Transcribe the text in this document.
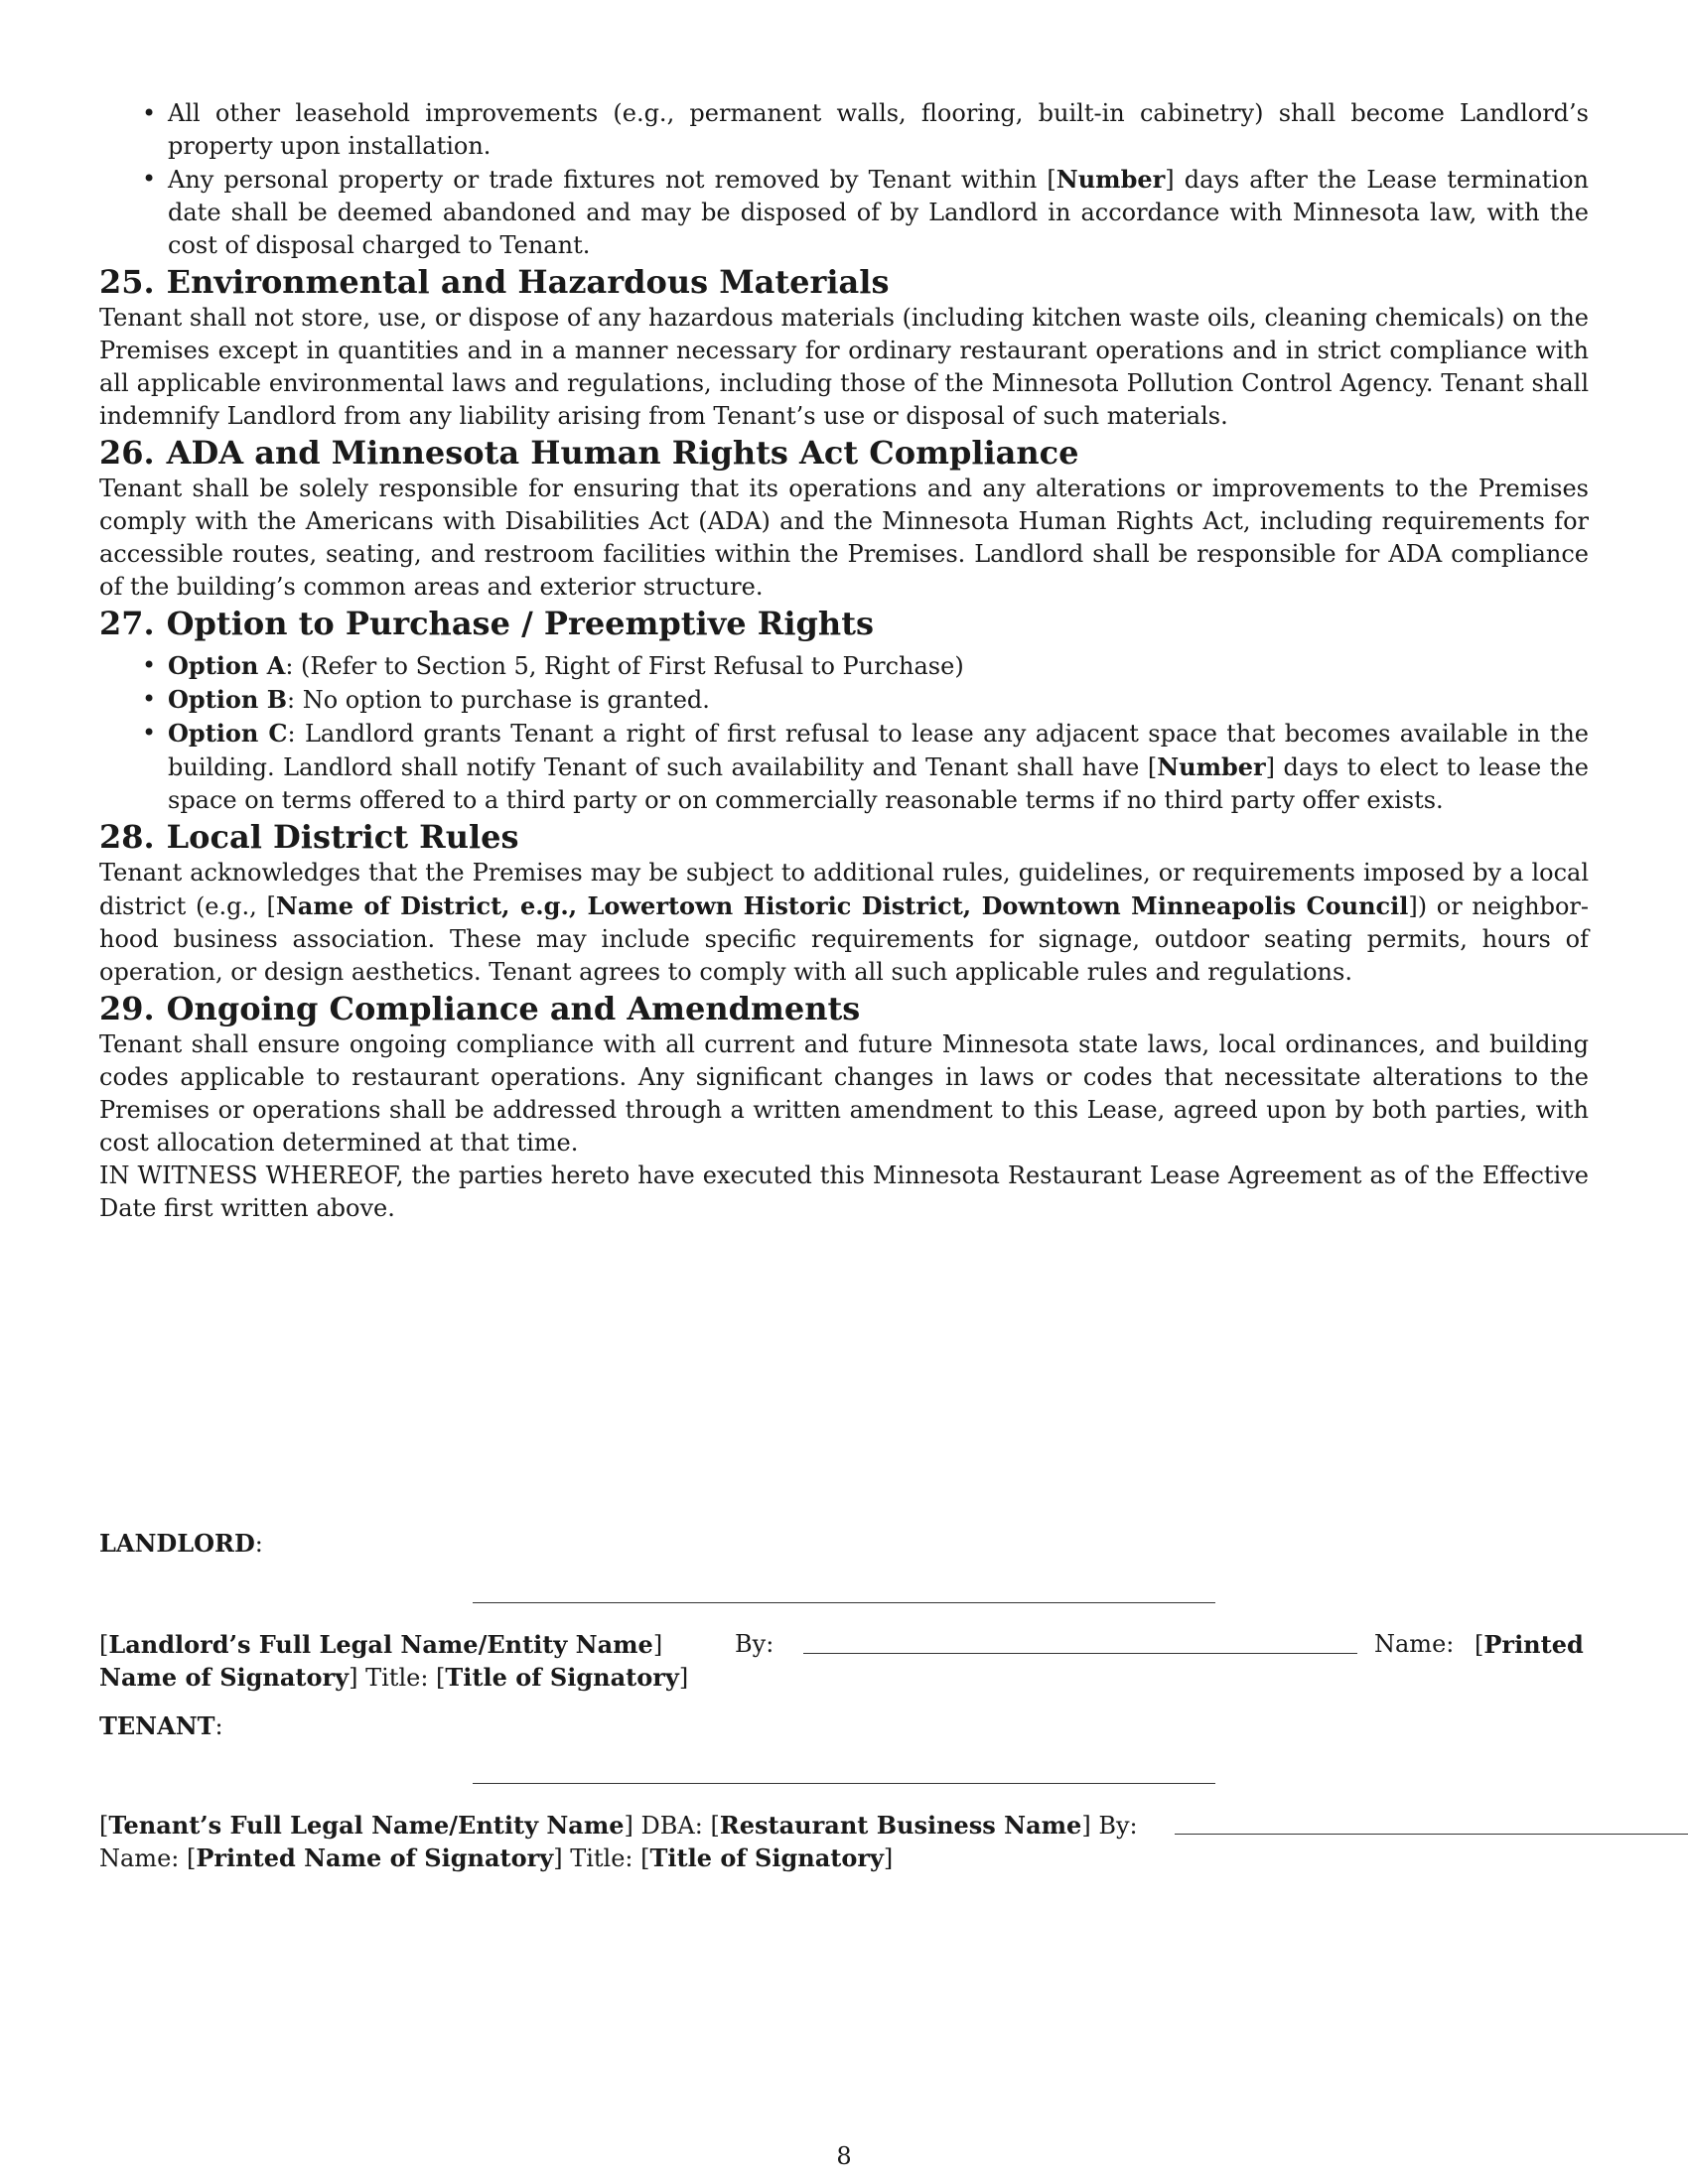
• All other leasehold improvements (e.g., permanent walls, flooring, built-in cabinetry) shall become Landlord’s property upon installation.
• Any personal property or trade fixtures not removed by Tenant within [Number] days after the Lease termination date shall be deemed abandoned and may be disposed of by Landlord in accordance with Minnesota law, with the cost of disposal charged to Tenant.
25. Environmental and Hazardous Materials

Tenant shall not store, use, or dispose of any hazardous materials (including kitchen waste oils, cleaning chemicals) on the Premises except in quantities and in a manner necessary for ordinary restaurant operations and in strict compliance with all applicable environmental laws and regulations, including those of the Minnesota Pollution Control Agency. Tenant shall indemnify Landlord from any liability arising from Tenant’s use or disposal of such materials.

26. ADA and Minnesota Human Rights Act Compliance

Tenant shall be solely responsible for ensuring that its operations and any alterations or improvements to the Premises comply with the Americans with Disabilities Act (ADA) and the Minnesota Human Rights Act, including requirements for accessible routes, seating, and restroom facilities within the Premises. Landlord shall be responsible for ADA compliance of the building’s common areas and exterior structure.

27. Option to Purchase / Preemptive Rights
• Option A: (Refer to Section 5, Right of First Refusal to Purchase)
• Option B: No option to purchase is granted.
• Option C: Landlord grants Tenant a right of first refusal to lease any adjacent space that becomes available in the building. Landlord shall notify Tenant of such availability and Tenant shall have [Number] days to elect to lease the space on terms offered to a third party or on commercially reasonable terms if no third party offer exists.
28. Local District Rules

Tenant acknowledges that the Premises may be subject to additional rules, guidelines, or requirements imposed by a local district (e.g., [Name of District, e.g., Lowertown Historic District, Downtown Minneapolis Council]) or neighborhood business association. These may include specific requirements for signage, outdoor seating permits, hours of operation, or design aesthetics. Tenant agrees to comply with all such applicable rules and regulations.

29. Ongoing Compliance and Amendments

Tenant shall ensure ongoing compliance with all current and future Minnesota state laws, local ordinances, and building codes applicable to restaurant operations. Any significant changes in laws or codes that necessitate alterations to the Premises or operations shall be addressed through a written amendment to this Lease, agreed upon by both parties, with cost allocation determined at that time.

IN WITNESS WHEREOF, the parties hereto have executed this Minnesota Restaurant Lease Agreement as of the Effective Date first written above.

LANDLORD:
[Landlord’s Full Legal Name/Entity Name]	By:	Name: [Printed
Name of Signatory] Title: [Title of Signatory]
TENANT:
[Tenant’s Full Legal Name/Entity Name] DBA: [Restaurant Business Name] By:
Name: [Printed Name of Signatory] Title: [Title of Signatory]
8
